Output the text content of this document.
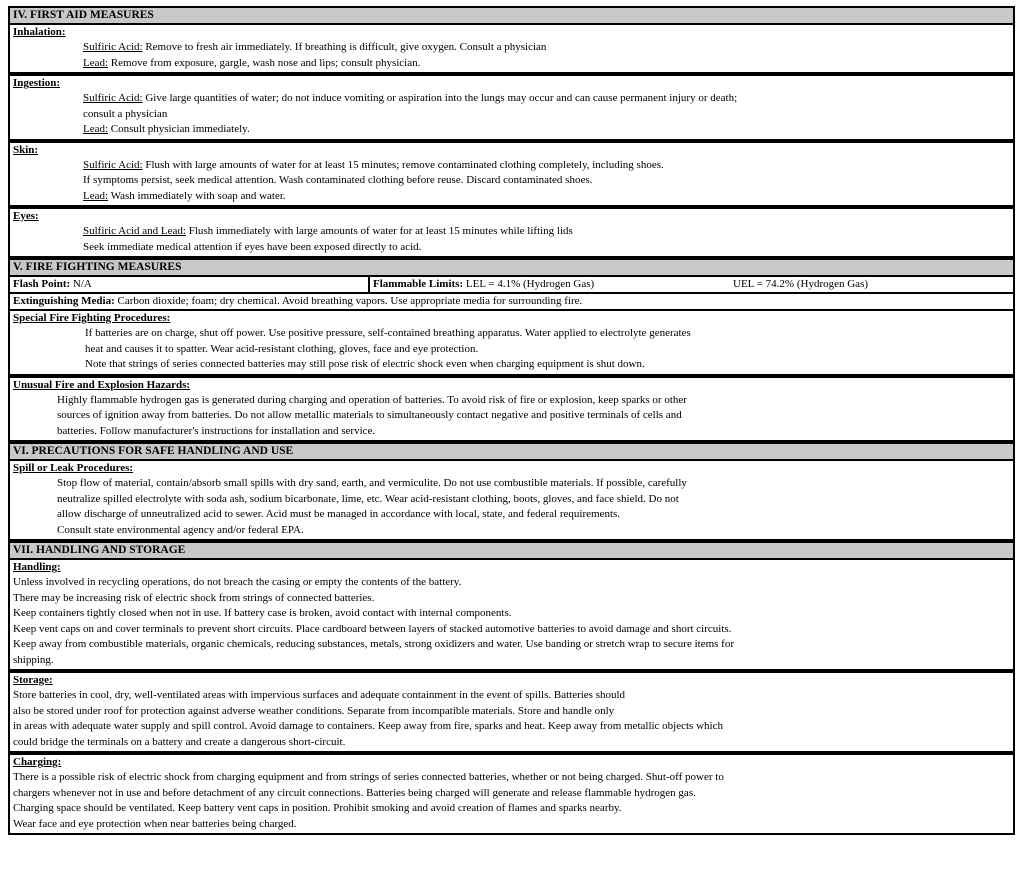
IV. FIRST AID MEASURES
Inhalation:
Sulfiric Acid: Remove to fresh air immediately. If breathing is difficult, give oxygen. Consult a physician
Lead: Remove from exposure, gargle, wash nose and lips; consult physician.
Ingestion:
Sulfiric Acid: Give large quantities of water; do not induce vomiting or aspiration into the lungs may occur and can cause permanent injury or death;
consult a physician
Lead: Consult physician immediately.
Skin:
Sulfiric Acid: Flush with large amounts of water for at least 15 minutes; remove contaminated clothing completely, including shoes.
If symptoms persist, seek medical attention. Wash contaminated clothing before reuse. Discard contaminated shoes.
Lead: Wash immediately with soap and water.
Eyes:
Sulfiric Acid and Lead: Flush immediately with large amounts of water for at least 15 minutes while lifting lids
Seek immediate medical attention if eyes have been exposed directly to acid.
V. FIRE FIGHTING MEASURES
Flash Point: N/A	Flammable Limits: LEL = 4.1% (Hydrogen Gas)	UEL = 74.2% (Hydrogen Gas)
Extinguishing Media: Carbon dioxide; foam; dry chemical. Avoid breathing vapors. Use appropriate media for surrounding fire.
Special Fire Fighting Procedures:
If batteries are on charge, shut off power. Use positive pressure, self-contained breathing apparatus. Water applied to electrolyte generates
heat and causes it to spatter. Wear acid-resistant clothing, gloves, face and eye protection.
Note that strings of series connected batteries may still pose risk of electric shock even when charging equipment is shut down.
Unusual Fire and Explosion Hazards:
Highly flammable hydrogen gas is generated during charging and operation of batteries. To avoid risk of fire or explosion, keep sparks or other
sources of ignition away from batteries. Do not allow metallic materials to simultaneously contact negative and positive terminals of cells and
batteries. Follow manufacturer's instructions for installation and service.
VI. PRECAUTIONS FOR SAFE HANDLING AND USE
Spill or Leak Procedures:
Stop flow of material, contain/absorb small spills with dry sand, earth, and vermiculite. Do not use combustible materials. If possible, carefully
neutralize spilled electrolyte with soda ash, sodium bicarbonate, lime, etc. Wear acid-resistant clothing, boots, gloves, and face shield. Do not
allow discharge of unneutralized acid to sewer. Acid must be managed in accordance with local, state, and federal requirements.
Consult state environmental agency and/or federal EPA.
VII. HANDLING AND STORAGE
Handling:
Unless involved in recycling operations, do not breach the casing or empty the contents of the battery.
There may be increasing risk of electric shock from strings of connected batteries.
Keep containers tightly closed when not in use. If battery case is broken, avoid contact with internal components.
Keep vent caps on and cover terminals to prevent short circuits. Place cardboard between layers of stacked automotive batteries to avoid damage and short circuits.
Keep away from combustible materials, organic chemicals, reducing substances, metals, strong oxidizers and water. Use banding or stretch wrap to secure items for
shipping.
Storage:
Store batteries in cool, dry, well-ventilated areas with impervious surfaces and adequate containment in the event of spills. Batteries should
also be stored under roof for protection against adverse weather conditions. Separate from incompatible materials. Store and handle only
in areas with adequate water supply and spill control. Avoid damage to containers. Keep away from fire, sparks and heat. Keep away from metallic objects which
could bridge the terminals on a battery and create a dangerous short-circuit.
Charging:
There is a possible risk of electric shock from charging equipment and from strings of series connected batteries, whether or not being charged. Shut-off power to
chargers whenever not in use and before detachment of any circuit connections. Batteries being charged will generate and release flammable hydrogen gas.
Charging space should be ventilated. Keep battery vent caps in position. Prohibit smoking and avoid creation of flames and sparks nearby.
Wear face and eye protection when near batteries being charged.
